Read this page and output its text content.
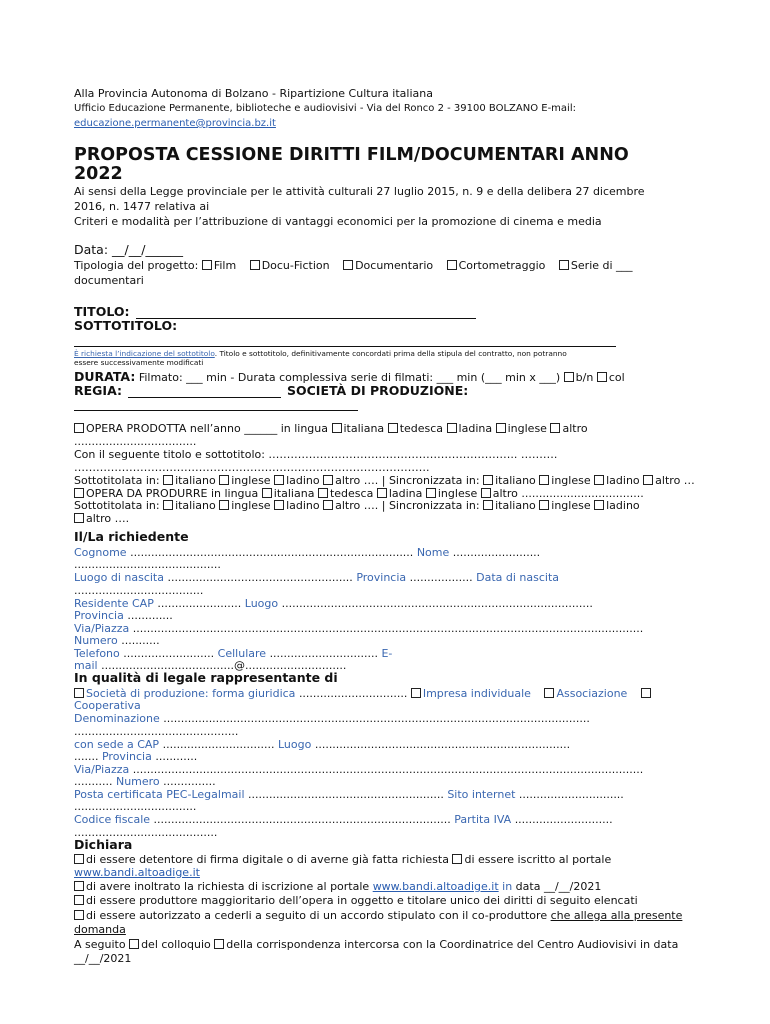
Alla Provincia Autonoma di Bolzano - Ripartizione Cultura italiana
Ufficio Educazione Permanente, biblioteche e audiovisivi - Via del Ronco 2 - 39100 BOLZANO E-mail:
educazione.permanente@provincia.bz.it
PROPOSTA CESSIONE DIRITTI FILM/DOCUMENTARI ANNO
2022
Ai sensi della Legge provinciale per le attività culturali 27 luglio 2015, n. 9 e della delibera 27 dicembre
2016, n. 1477 relativa ai
Criteri e modalità per l’attribuzione di vantaggi economici per la promozione di cinema e media
Data: __/__/______
Tipologia del progetto: Film Docu-Fiction Documentario Cortometraggio Serie di ___
documentari
TITOLO:
SOTTOTITOLO:
È richiesta l’indicazione del sottotitolo. Titolo e sottotitolo, definitivamente concordati prima della stipula del contratto, non potranno
essere successivamente modificati
DURATA: Filmato: ___ min - Durata complessiva serie di filmati: ___ min (___ min x ___) b/n col
REGIA:	SOCIETÀ DI PRODUZIONE:
OPERA PRODOTTA nell’anno ______ in lingua italiana tedesca ladina inglese altro
...................................
Con il seguente titolo e sottotitolo: ………………………………………………………….. ……….
…………………………………………………………………………………….
Sottotitolata in: italiano inglese ladino altro …. | Sincronizzata in: italiano inglese ladino altro …
OPERA DA PRODURRE in lingua italiana tedesca ladina inglese altro ...................................
Sottotitolata in: italiano inglese ladino altro …. | Sincronizzata in: italiano inglese ladino
altro ….
Il/La richiedente
Cognome ................................................................................. Nome .........................
..........................................
Luogo di nascita ..................................................... Provincia .................. Data di nascita
.....................................
Residente CAP ........................ Luogo .........................................................................................
Provincia .............
Via/Piazza ..................................................................................................................................................
Numero ...........
Telefono .......................... Cellulare ............................... E-
mail ......................................@.............................
In qualità di legale rappresentante di
Società di produzione: forma giuridica ............................... Impresa individuale Associazione
Cooperativa
Denominazione ..........................................................................................................................
...............................................
con sede a CAP ................................ Luogo .........................................................................
....... Provincia ............
Via/Piazza ..................................................................................................................................................
........... Numero ...............
Posta certificata PEC-Legalmail ........................................................ Sito internet ..............................
...................................
Codice fiscale ..................................................................................... Partita IVA ............................
.........................................
Dichiara
di essere detentore di firma digitale o di averne già fatta richiesta di essere iscritto al portale
www.bandi.altoadige.it
di avere inoltrato la richiesta di iscrizione al portale www.bandi.altoadige.it in data __/__/2021
di essere produttore maggioritario dell’opera in oggetto e titolare unico dei diritti di seguito elencati
di essere autorizzato a cederli a seguito di un accordo stipulato con il co-produttore che allega alla presente
domanda
A seguito del colloquio della corrispondenza intercorsa con la Coordinatrice del Centro Audiovisivi in data
__/__/2021
